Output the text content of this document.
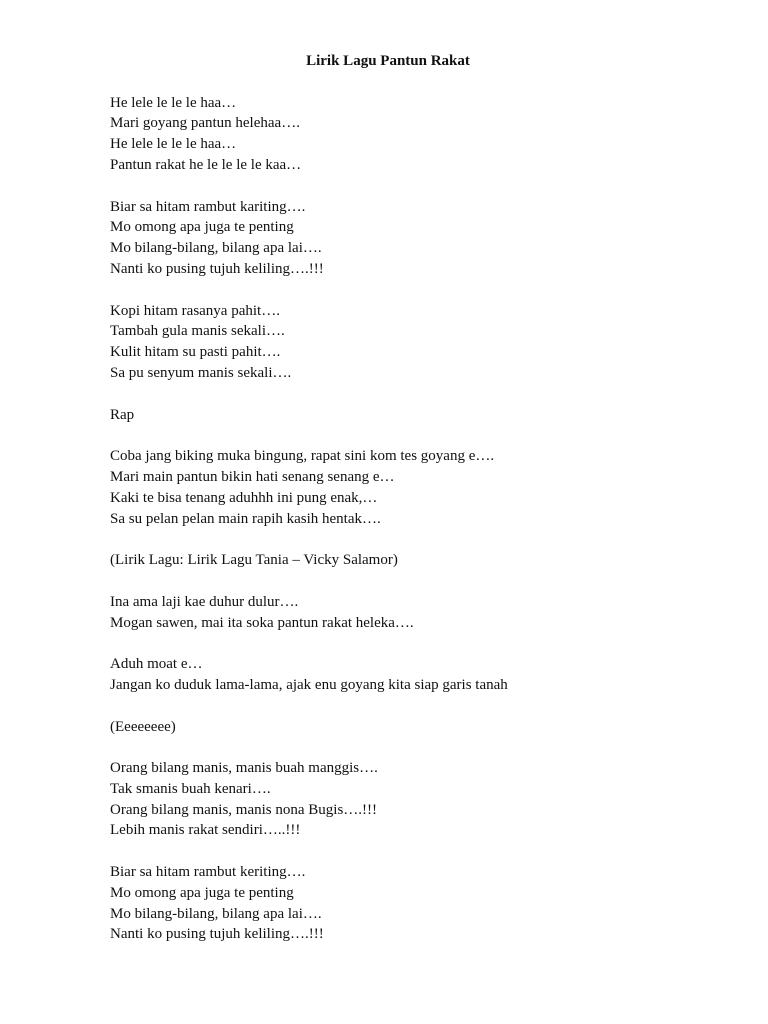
Lirik Lagu Pantun Rakat
He lele le le le haa…
Mari goyang pantun helehaa….
He lele le le le haa…
Pantun rakat he le le le le kaa…
Biar sa hitam rambut kariting….
Mo omong apa juga te penting
Mo bilang-bilang, bilang apa lai….
Nanti ko pusing tujuh keliling….!!!
Kopi hitam rasanya pahit….
Tambah gula manis sekali….
Kulit hitam su pasti pahit….
Sa pu senyum manis sekali….
Rap
Coba jang biking muka bingung, rapat sini kom tes goyang e….
Mari main pantun bikin hati senang senang e…
Kaki te bisa tenang aduhhh ini pung enak,…
Sa su pelan pelan main rapih kasih hentak….
(Lirik Lagu: Lirik Lagu Tania – Vicky Salamor)
Ina ama laji kae duhur dulur….
Mogan sawen, mai ita soka pantun rakat heleka….
Aduh moat e…
Jangan ko duduk lama-lama, ajak enu goyang kita siap garis tanah
(Eeeeeeee)
Orang bilang manis, manis buah manggis….
Tak smanis buah kenari….
Orang bilang manis, manis nona Bugis….!!!
Lebih manis rakat sendiri…..!!!
Biar sa hitam rambut keriting….
Mo omong apa juga te penting
Mo bilang-bilang, bilang apa lai….
Nanti ko pusing tujuh keliling….!!!
